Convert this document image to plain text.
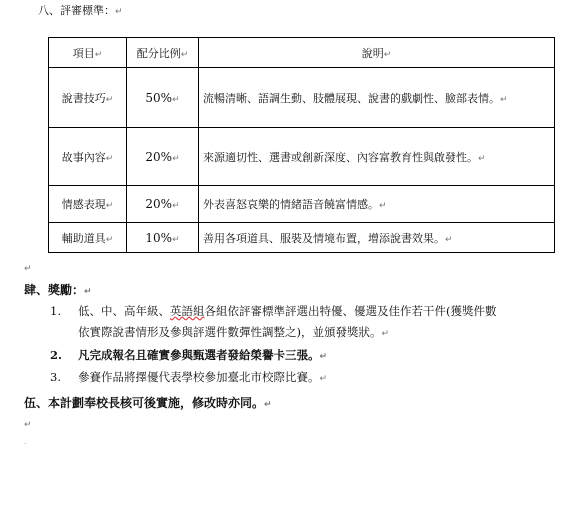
八、評審標準：↵
項目↵	配分比例↵	說明↵
說書技巧↵	50%↵	流暢清晰、語調生動、肢體展現、說書的戲劇性、臉部表情。↵
故事內容↵	20%↵	來源適切性、選書或創新深度、內容富教育性與啟發性。↵
情感表現↵	20%↵	外表喜怒哀樂的情緒語音饒富情感。↵
輔助道具↵	10%↵	善用各項道具、服裝及情境布置，增添說書效果。↵
↵
肆、獎勵：↵
1. 低、中、高年級、英語組各組依評審標準評選出特優、優選及佳作若干件(獲獎件數
依實際說書情形及參與評選件數彈性調整之)，並頒發獎狀。↵
2. 凡完成報名且確實參與甄選者發給榮譽卡三張。↵
3. 參賽作品將擇優代表學校參加臺北市校際比賽。↵
伍、本計劃奉校長核可後實施，修改時亦同。↵
↵
.
